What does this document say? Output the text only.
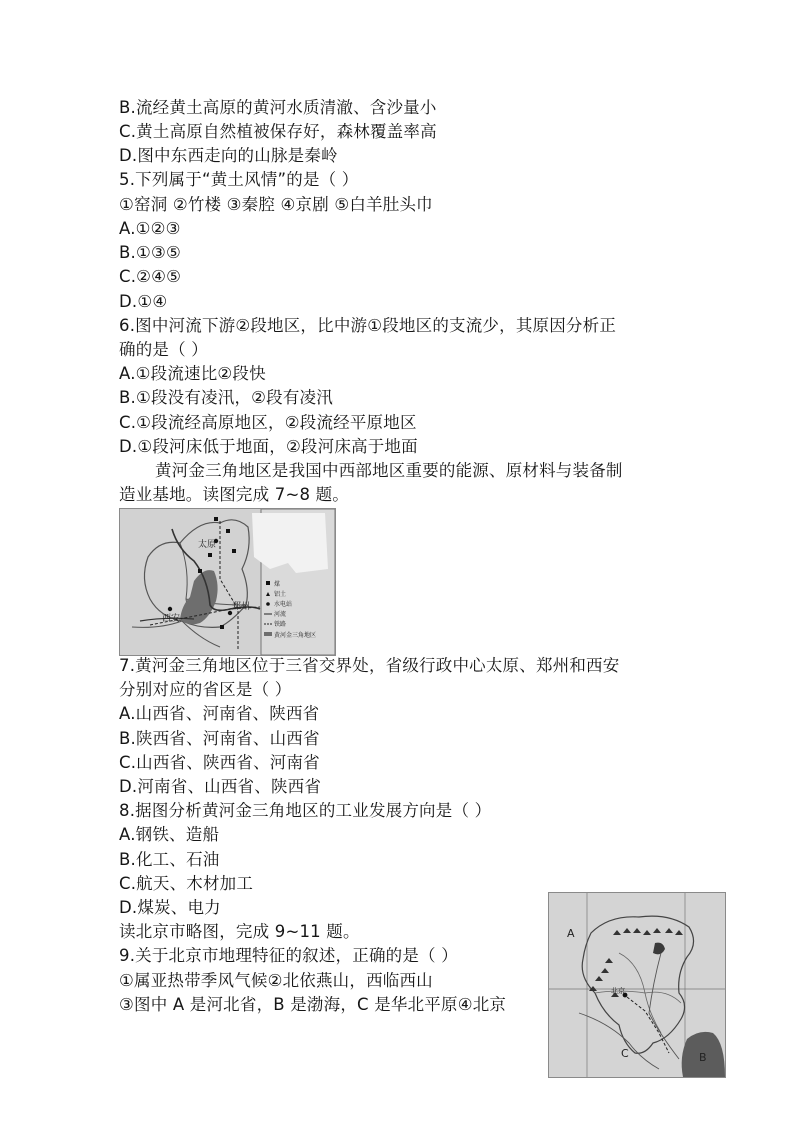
B.流经黄土高原的黄河水质清澈、含沙量小
C.黄土高原自然植被保存好，森林覆盖率高
D.图中东西走向的山脉是秦岭
5.下列属于“黄土风情”的是（ ）
①窑洞 ②竹楼 ③秦腔 ④京剧 ⑤白羊肚头巾
A.①②③
B.①③⑤
C.②④⑤
D.①④
6.图中河流下游②段地区，比中游①段地区的支流少，其原因分析正
确的是（ ）
A.①段流速比②段快
B.①段没有凌汛，②段有凌汛
C.①段流经高原地区，②段流经平原地区
D.①段河床低于地面，②段河床高于地面
黄河金三角地区是我国中西部地区重要的能源、原材料与装备制
造业基地。读图完成 7~8 题。
太原
郑州
西安
煤
铝土
水电站
河流
铁路
黄河金三角地区
7.黄河金三角地区位于三省交界处，省级行政中心太原、郑州和西安
分别对应的省区是（ ）
A.山西省、河南省、陕西省
B.陕西省、河南省、山西省
C.山西省、陕西省、河南省
D.河南省、山西省、陕西省
8.据图分析黄河金三角地区的工业发展方向是（ ）
A.钢铁、造船
B.化工、石油
C.航天、木材加工
D.煤炭、电力
读北京市略图，完成 9~11 题。
9.关于北京市地理特征的叙述，正确的是（ ）
①属亚热带季风气候②北依燕山，西临西山
③图中 A 是河北省，B 是渤海，C 是华北平原④北京
北京
A
B
C
